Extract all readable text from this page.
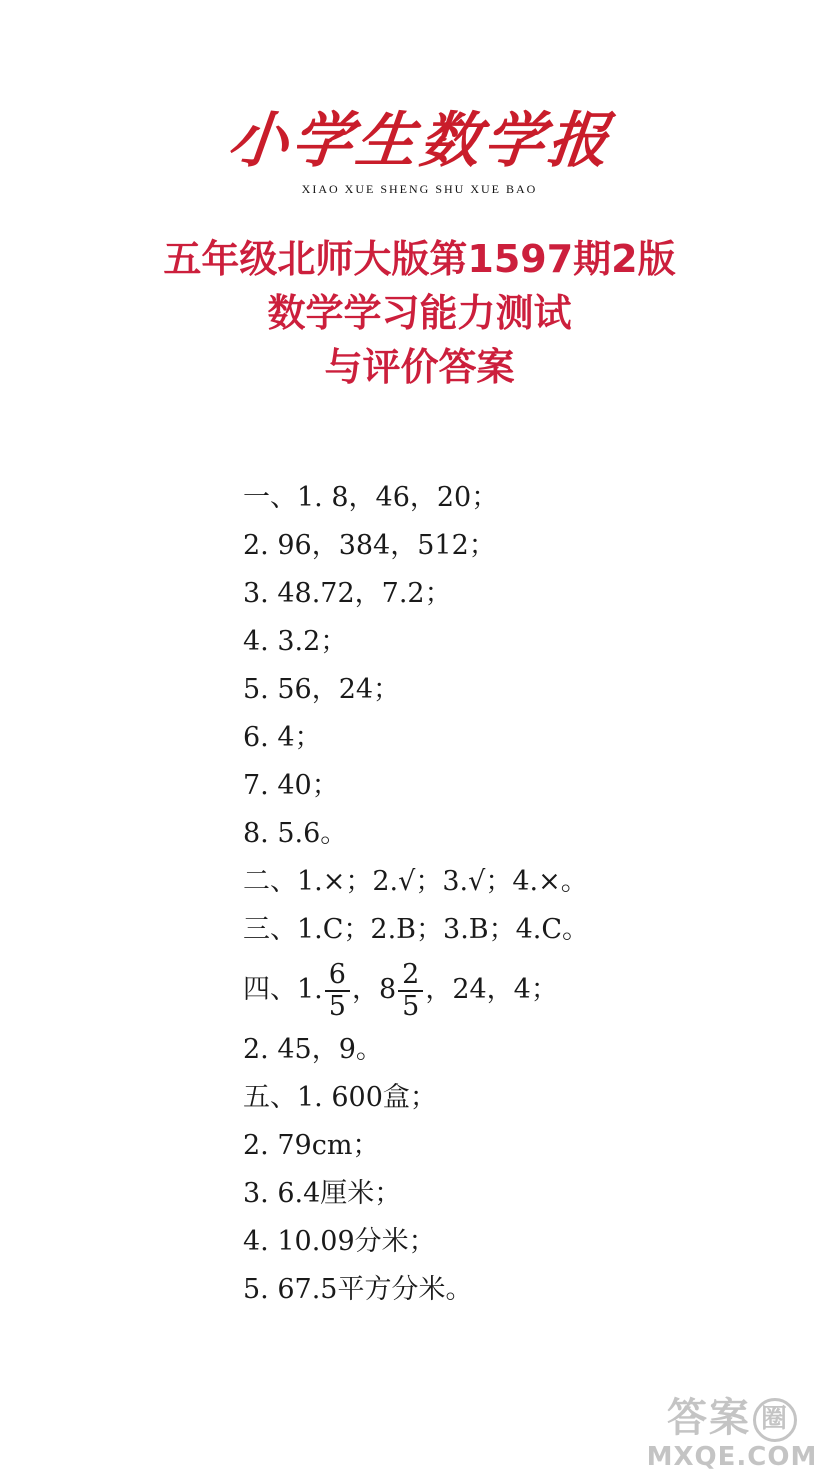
小学生数学报
XIAO XUE SHENG SHU XUE BAO
五年级北师大版第1597期2版
数学学习能力测试
与评价答案
一、1. 8，46，20；
2. 96，384，512；
3. 48.72，7.2；
4. 3.2；
5. 56，24；
6. 4；
7. 40；
8. 5.6。
二、1.×；2.√；3.√；4.×。
三、1.C；2.B；3.B；4.C。
四、1. $\frac{6}{5}$ ，$8 \frac{2}{5}$ ，24，4；
2. 45，9。
五、1. 600盒；
2. 79cm；
3. 6.4厘米；
4. 10.09分米；
5. 67.5平方分米。
答案 圈
MXQE.COM
